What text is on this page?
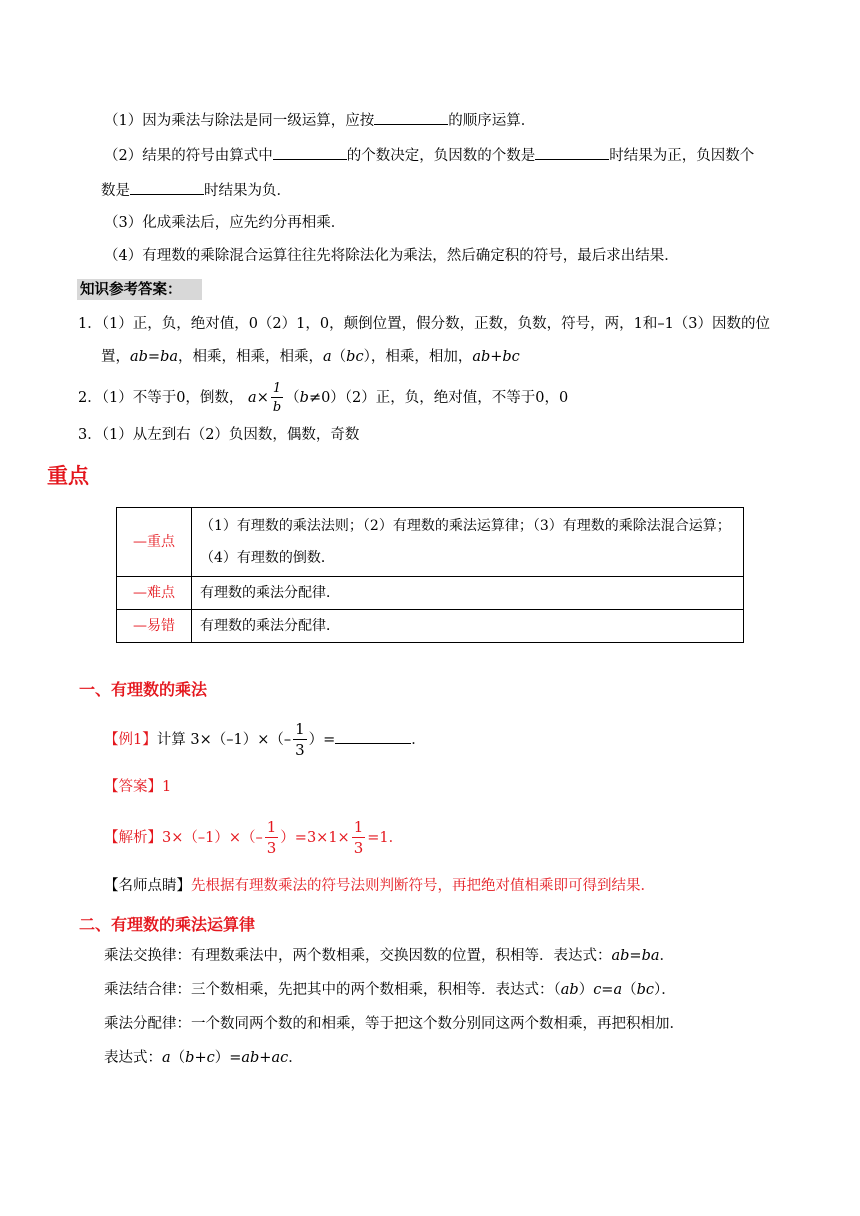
（1）因为乘法与除法是同一级运算，应按	的顺序运算．
（2）结果的符号由算式中	的个数决定，负因数的个数是	时结果为正，负因数个
数是	时结果为负．
（3）化成乘法后，应先约分再相乘．
（4）有理数的乘除混合运算往往先将除法化为乘法，然后确定积的符号，最后求出结果．
知识参考答案：
1．（1）正，负，绝对值，0（2）1，0，颠倒位置，假分数，正数，负数，符号，两，1和–1（3）因数的位
置，ab=ba，相乘，相乘，相乘，a（bc），相乘，相加，ab+bc
2．（1）不等于0，倒数， $a\times \frac{1}{b} (b\ne 0)(2)$正，负，绝对值，不等于0，0
3．（1）从左到右（2）负因数，偶数，奇数
重点
—重点	（1）有理数的乘法法则；（2）有理数的乘法运算律；（3）有理数的乘除法混合运算；（4）有理数的倒数．
—难点	有理数的乘法分配律．
—易错	有理数的乘法分配律．
一、有理数的乘法
【例1】计算 $3\times(-1)\times(- \frac{1}{3}$ ）=	．
【答案】1
【解析】$3\times(-1)\times(- \frac{1}{3} )=3\times 1\times \frac{1}{3} =1$．
【名师点睛】先根据有理数乘法的符号法则判断符号，再把绝对值相乘即可得到结果．
二、有理数的乘法运算律
乘法交换律：有理数乘法中，两个数相乘，交换因数的位置，积相等．表达式：ab=ba．
乘法结合律：三个数相乘，先把其中的两个数相乘，积相等．表达式：（ab）c=a（bc）．
乘法分配律：一个数同两个数的和相乘，等于把这个数分别同这两个数相乘，再把积相加．
表达式：a（b+c）=ab+ac．
